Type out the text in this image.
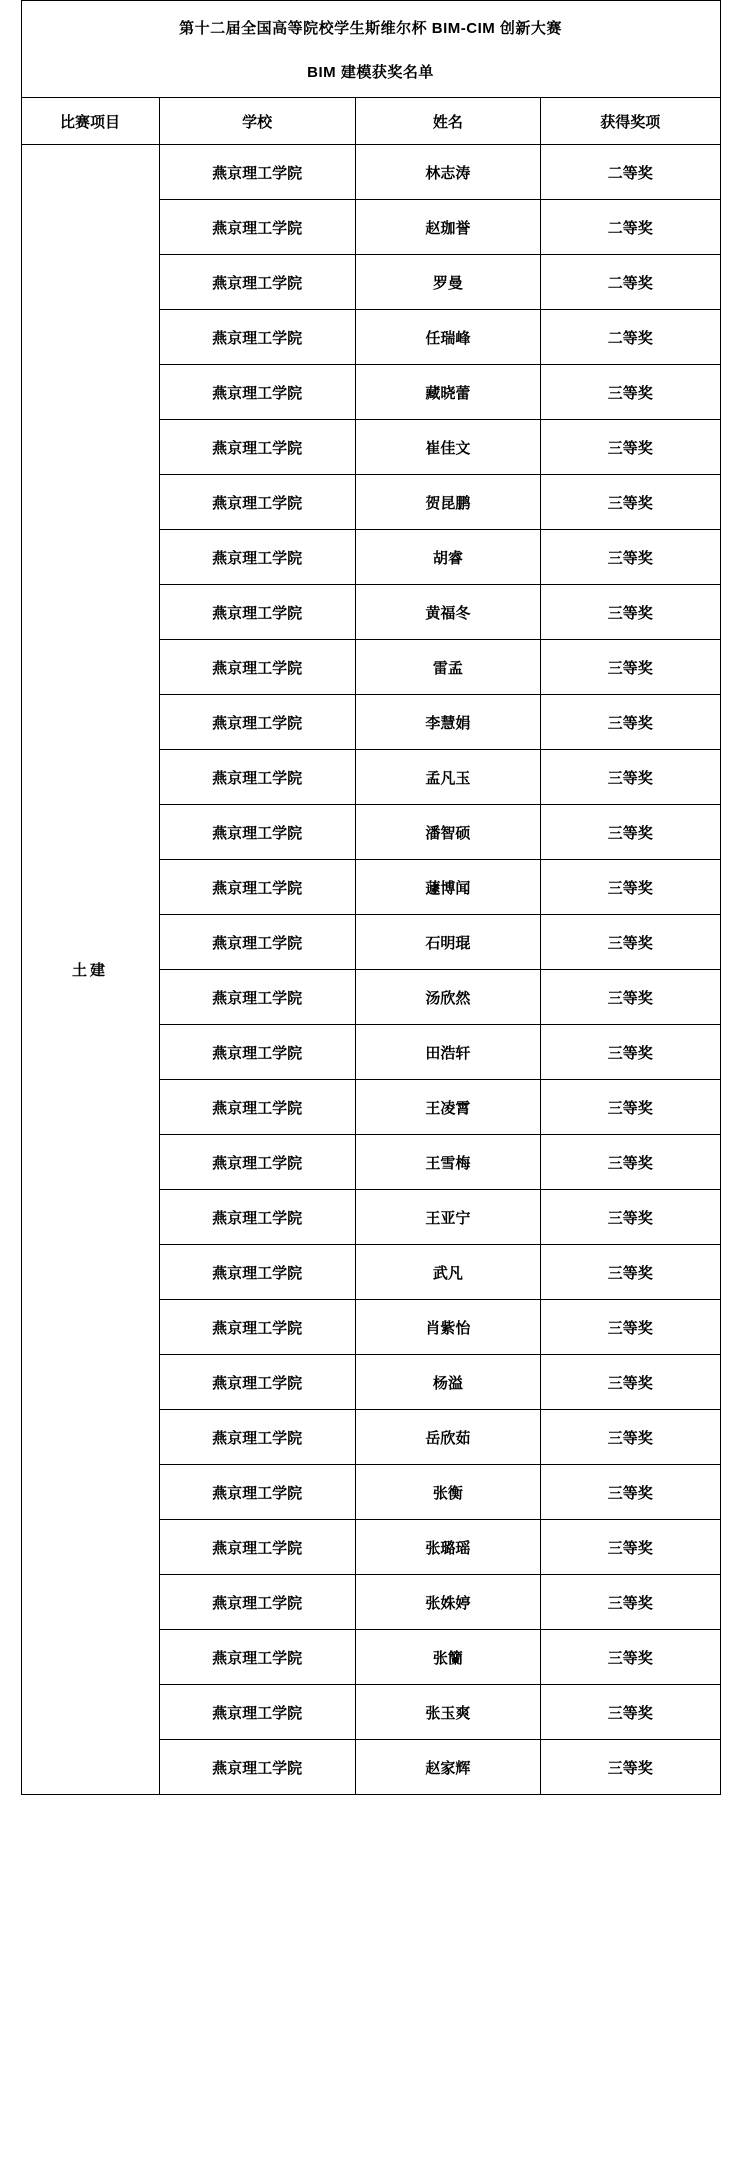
第十二届全国高等院校学生斯维尔杯 BIM-CIM 创新大赛			
BIM 建模获奖名单			
比赛项目	学校	姓名	获得奖项
土建	燕京理工学院	林志涛	二等奖
	燕京理工学院	赵珈誉	二等奖
	燕京理工学院	罗曼	二等奖
	燕京理工学院	任瑞峰	二等奖
	燕京理工学院	藏晓蕾	三等奖
	燕京理工学院	崔佳文	三等奖
	燕京理工学院	贺昆鹏	三等奖
	燕京理工学院	胡睿	三等奖
	燕京理工学院	黄福冬	三等奖
	燕京理工学院	雷孟	三等奖
	燕京理工学院	李慧娟	三等奖
	燕京理工学院	孟凡玉	三等奖
	燕京理工学院	潘智硕	三等奖
	燕京理工学院	蘧博闻	三等奖
	燕京理工学院	石明琨	三等奖
	燕京理工学院	汤欣然	三等奖
	燕京理工学院	田浩轩	三等奖
	燕京理工学院	王凌霄	三等奖
	燕京理工学院	王雪梅	三等奖
	燕京理工学院	王亚宁	三等奖
	燕京理工学院	武凡	三等奖
	燕京理工学院	肖紫怡	三等奖
	燕京理工学院	杨溢	三等奖
	燕京理工学院	岳欣茹	三等奖
	燕京理工学院	张衡	三等奖
	燕京理工学院	张璐瑶	三等奖
	燕京理工学院	张姝婷	三等奖
	燕京理工学院	张籣	三等奖
	燕京理工学院	张玉爽	三等奖
	燕京理工学院	赵家辉	三等奖
